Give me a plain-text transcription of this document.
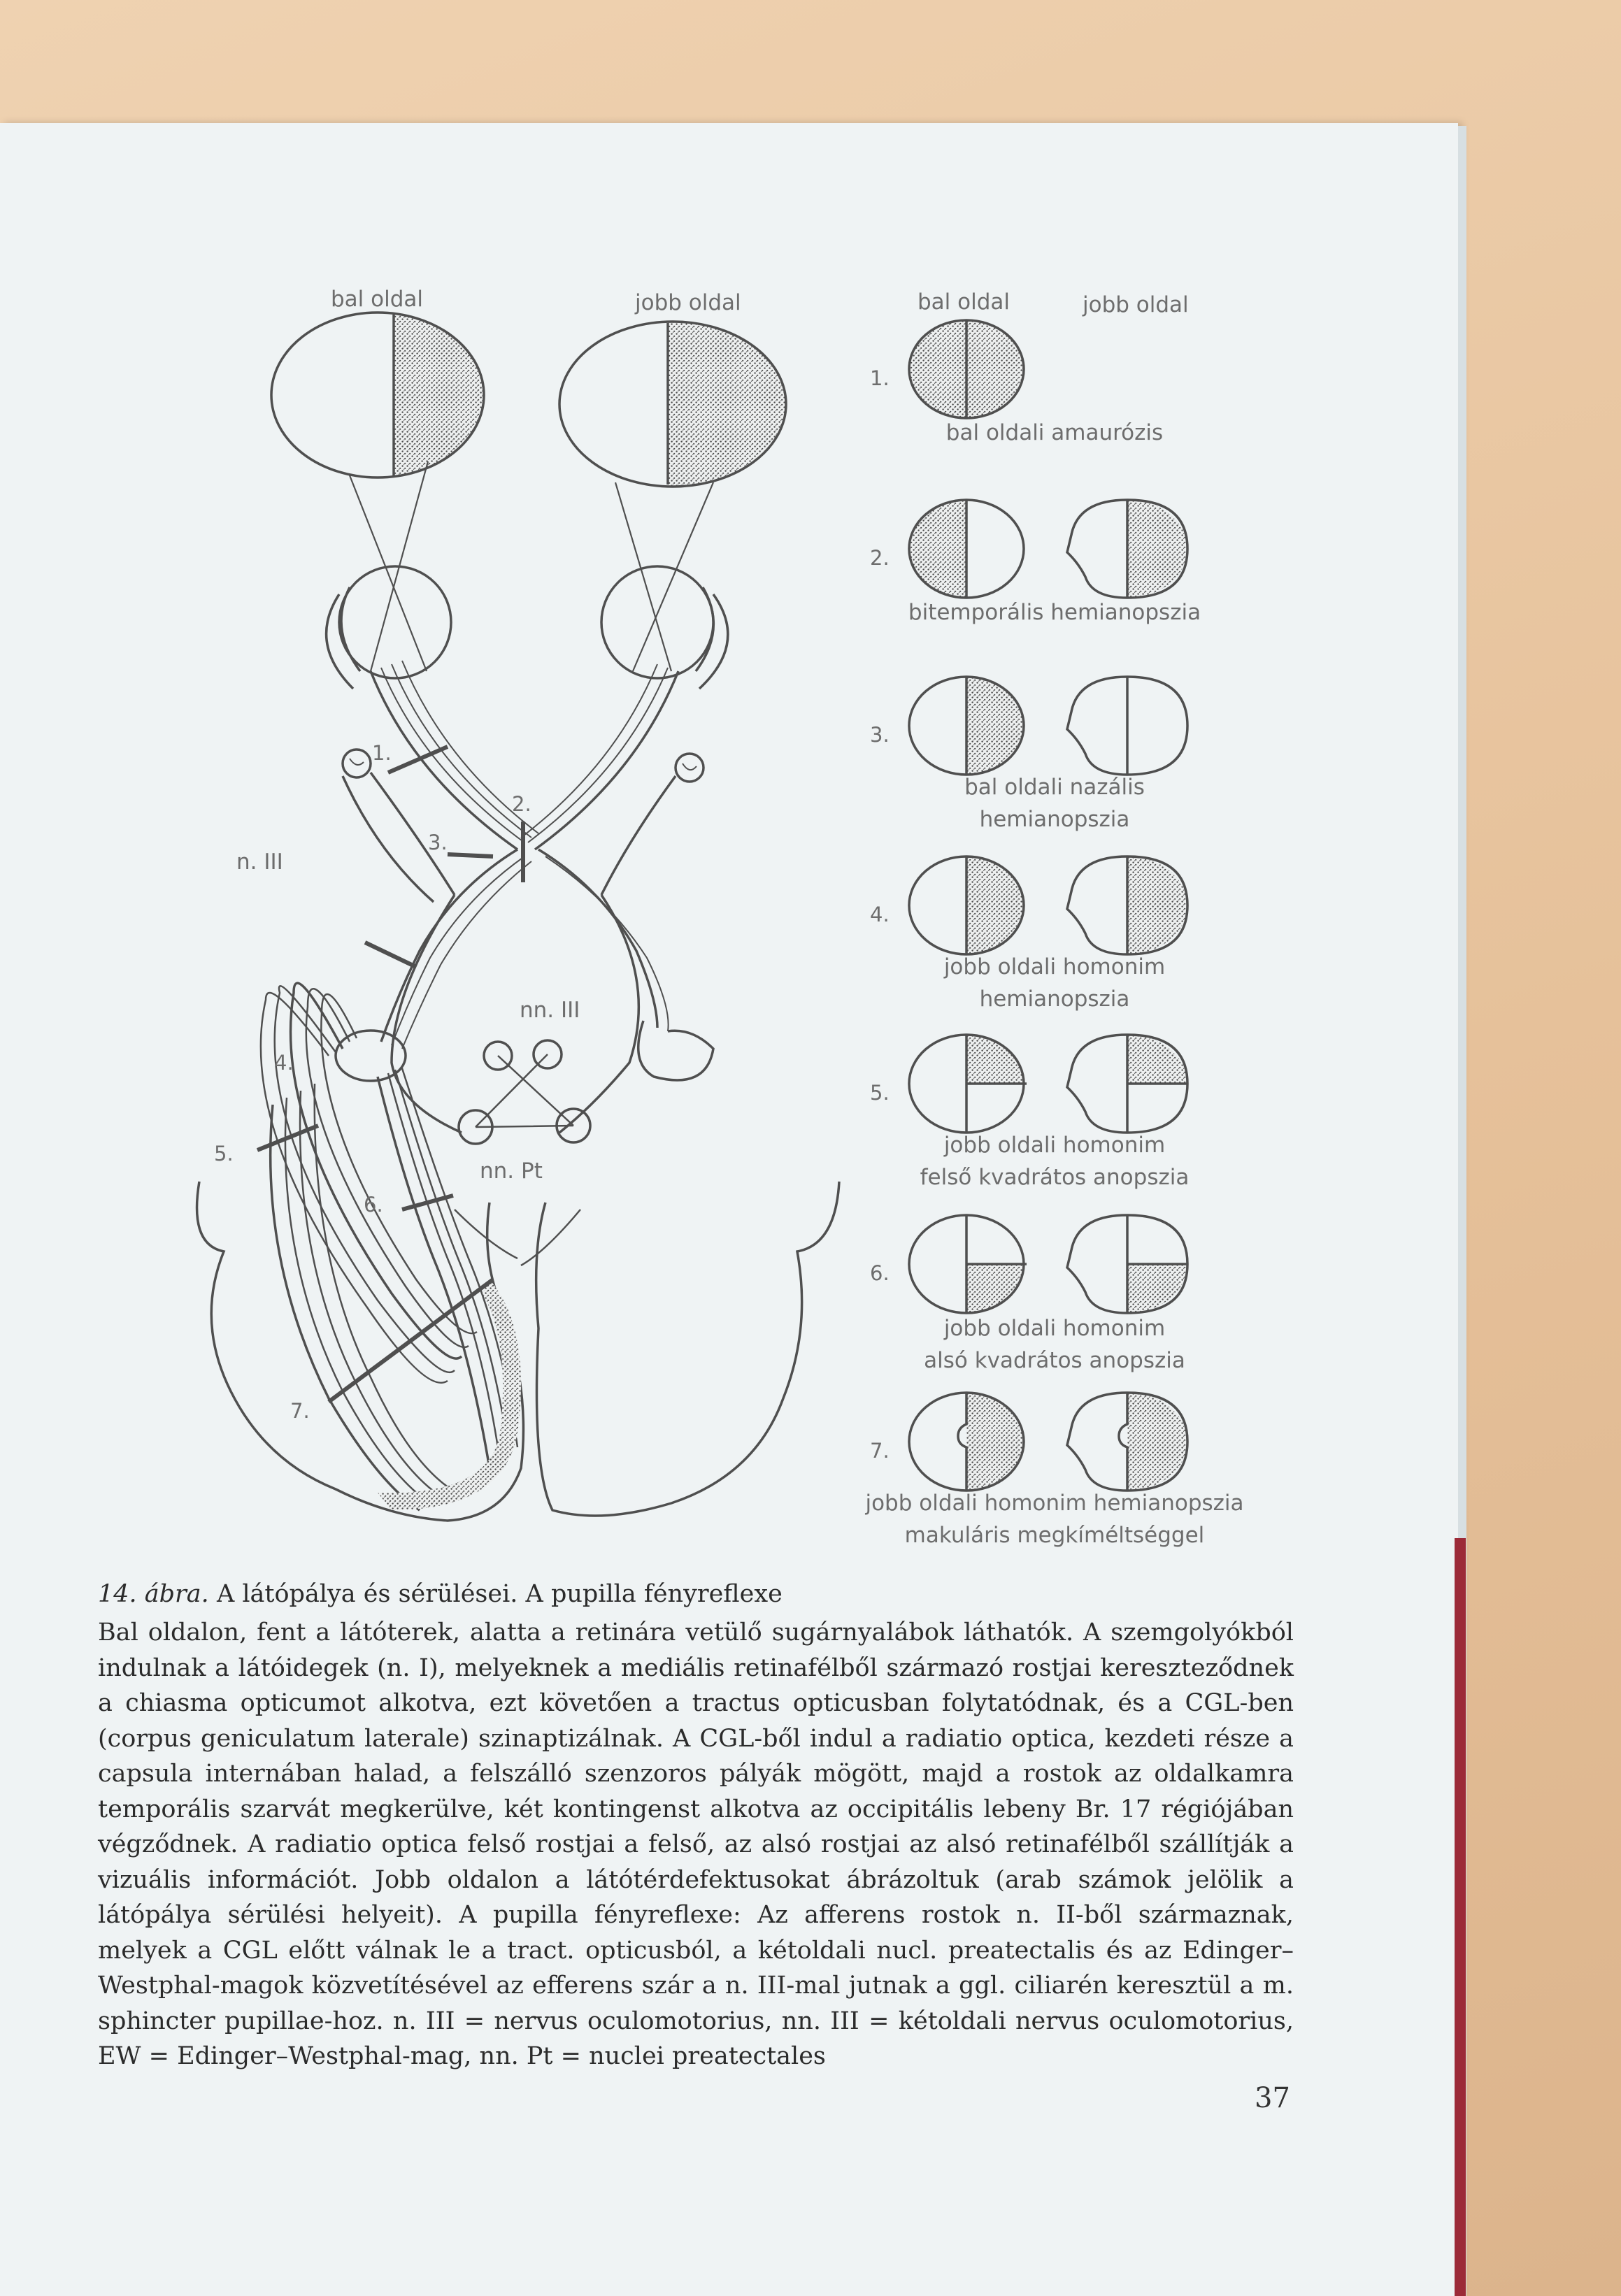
bal oldal	jobb oldal
n. III
nn. III
nn. Pt
1.
2.
3.
4.
5.
6.
7.
bal oldal	jobb oldal
1.
bal oldali amaurózis
2.
bitemporális hemianopszia
3.
bal oldali nazális
hemianopszia
4.
jobb oldali homonim
hemianopszia
5.
jobb oldali homonim
felső kvadrátos anopszia
6.
jobb oldali homonim
alsó kvadrátos anopszia
7.
jobb oldali homonim hemianopszia
makuláris megkíméltséggel
14. ábra. A látópálya és sérülései. A pupilla fényreflexe
Bal oldalon, fent a látóterek, alatta a retinára vetülő sugárnyalábok láthatók. A szemgolyókból indulnak a látóidegek (n. I), melyeknek a mediális retinafélből származó rostjai kereszteződnek a chiasma opticumot alkotva, ezt követően a tractus opticusban folytatódnak, és a CGL-ben (corpus geniculatum laterale) szinaptizálnak. A CGL-ből indul a radiatio optica, kezdeti része a capsula internában halad, a felszálló szenzoros pályák mögött, majd a rostok az oldalkamra temporális szarvát megkerülve, két kontingenst alkotva az occipitális lebeny Br. 17 régiójában végződnek. A radiatio optica felső rostjai a felső, az alsó rostjai az alsó retinafélből szállítják a vizuális információt. Jobb oldalon a látótérdefektusokat ábrázoltuk (arab számok jelölik a látópálya sérülési helyeit). A pupilla fényreflexe: Az afferens rostok n. II-ből származnak, melyek a CGL előtt válnak le a tract. opticusból, a kétoldali nucl. preatectalis és az Edinger–Westphal-magok közvetítésével az efferens szár a n. III-mal jutnak a ggl. ciliarén keresztül a m. sphincter pupillae-hoz. n. III = nervus oculomotorius, nn. III = kétoldali nervus oculomotorius, EW = Edinger–Westphal-mag, nn. Pt = nuclei preatectales
37
